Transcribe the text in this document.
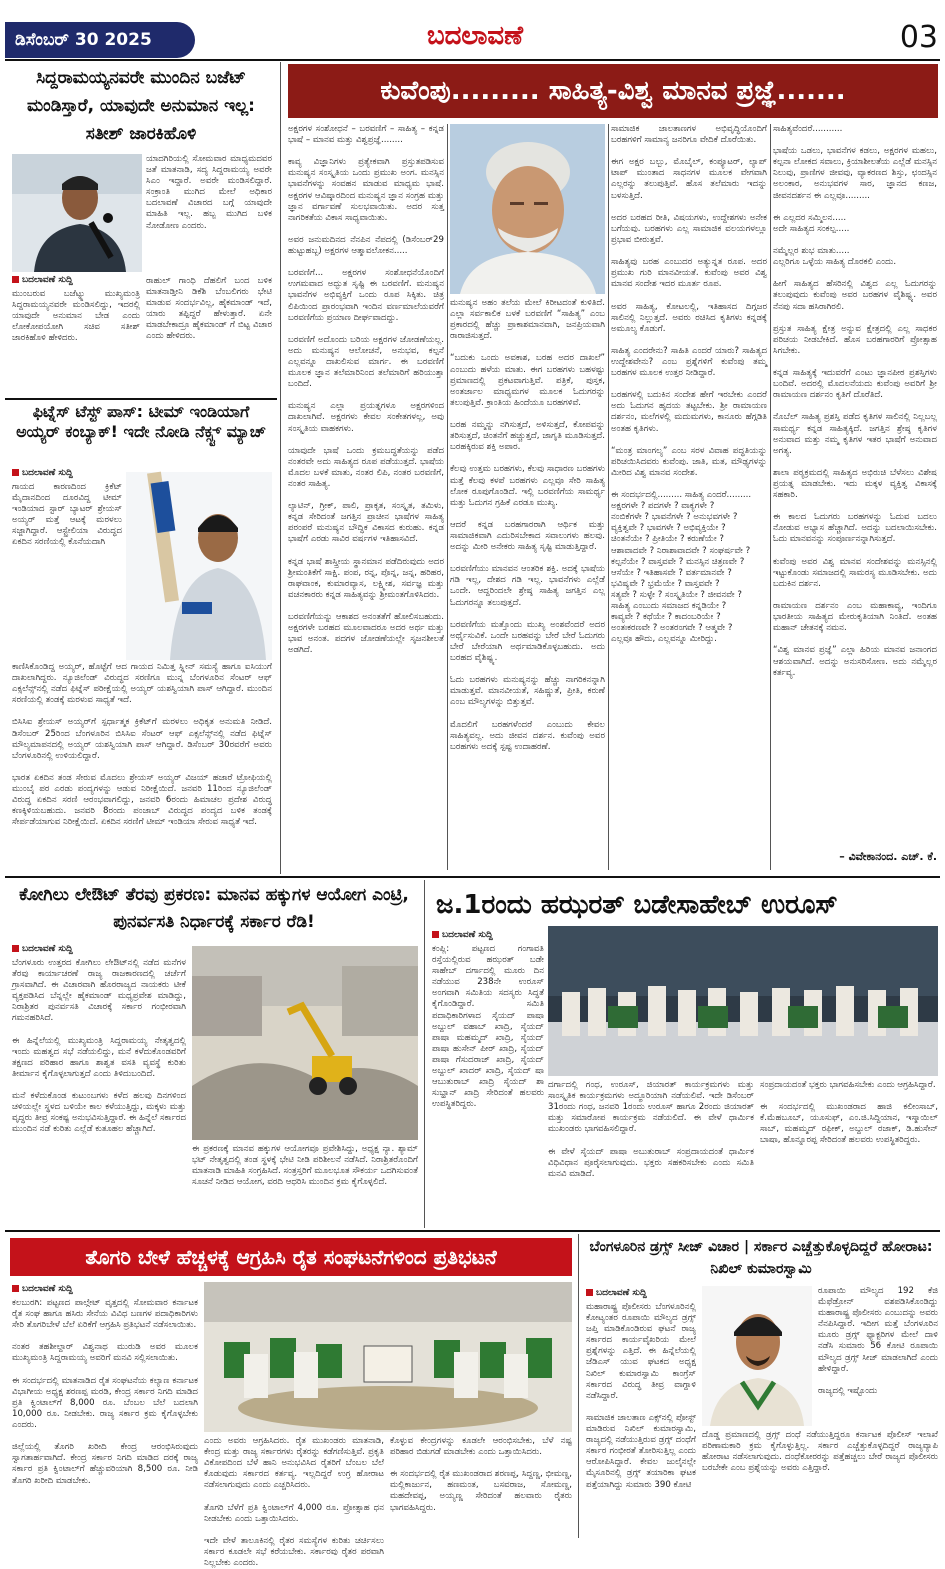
ಡಿಸೆಂಬರ್ 30 2025	ಬದಲಾವಣೆ	03
ಸಿದ್ದರಾಮಯ್ಯನವರೇ ಮುಂದಿನ ಬಜೆಟ್ ಮಂಡಿಸ್ತಾರೆ, ಯಾವುದೇ ಅನುಮಾನ ಇಲ್ಲ: ಸತೀಶ್ ಜಾರಕಿಹೊಳಿ
ಯಾದಗಿರಿಯಲ್ಲಿ ಸೋಮವಾರ ಮಾಧ್ಯಮದವರ ಜತೆ ಮಾತನಾಡಿ, ಸದ್ಯ ಸಿದ್ದರಾಮಯ್ಯ ಅವರೇ ಸಿಎಂ ಇದ್ದಾರೆ. ಅವರೇ ಮಂಡಿಸಲಿದ್ದಾರೆ. ಸಂಕ್ರಾಂತಿ ಮುಗಿದ ಮೇಲೆ ಅಧಿಕಾರ ಬದಲಾವಣೆ ವಿಚಾರದ ಬಗ್ಗೆ ಯಾವುದೇ ಮಾಹಿತಿ ಇಲ್ಲ. ಹಬ್ಬ ಮುಗಿದ ಬಳಿಕ ನೋಡೋಣ ಎಂದರು.
ಬದಲಾವಣೆ ಸುದ್ದಿ
ಮುಂಬರುವ ಬಜೆಟ್ನ್ನು ಮುಖ್ಯಮಂತ್ರಿ ಸಿದ್ದರಾಮಯ್ಯನವರೇ ಮಂಡಿಸಲಿದ್ದು, ಇದರಲ್ಲಿ ಯಾವುದೇ ಅನುಮಾನ ಬೇಡ ಎಂದು ಲೋಕೋಪಯೋಗಿ ಸಚಿವ ಸತೀಶ್ ಜಾರಕಿಹೊಳಿ ಹೇಳಿದರು.
ರಾಹುಲ್ ಗಾಂಧಿ ದೆಹಲಿಗೆ ಬಂದ ಬಳಿಕ ಮಾತನಾಡ್ತೀನಿ ಡಿಕೆಶಿ ಬೆಂಬಲಿಗರು ಭೇಟಿ ಮಾಡುವ ಸಂದರ್ಭವಿಲ್ಲ, ಹೈಕಮಾಂಡ್ ಇದೆ, ಯಾರು ತಪ್ಪಿದ್ದರೆ ಹೇಳುತ್ತಾರೆ. ಏನೇ ಮಾಡಬೇಕಾದ್ರೂ ಹೈಕಮಾಂಡ್ ಗೆ ಬಿಟ್ಟ ವಿಚಾರ ಎಂದು ಹೇಳಿದರು.
ಫಿಟ್ನೆಸ್ ಟೆಸ್ಟ್ ಪಾಸ್: ಟೀಮ್ ಇಂಡಿಯಾಗೆ ಅಯ್ಯರ್ ಕಂಬ್ಯಾಕ್! ಇದೇ ನೋಡಿ ನೆಕ್ಸ್ಟ್ ಮ್ಯಾಚ್
ಬದಲಾವಣೆ ಸುದ್ದಿ
ಗಾಯದ ಕಾರಣದಿಂದ ಕ್ರಿಕೆಟ್ ಮೈದಾನದಿಂದ ದೂರವಿದ್ದ ಟೀಮ್ ಇಂಡಿಯಾದ ಸ್ಟಾರ್ ಬ್ಯಾಟರ್ ಶ್ರೇಯಸ್ ಅಯ್ಯರ್ ಮತ್ತೆ ಆಟಕ್ಕೆ ಮರಳಲು ಸಜ್ಜಾಗಿದ್ದಾರೆ. ಆಸ್ಟ್ರೇಲಿಯಾ ವಿರುದ್ಧದ ಏಕದಿನ ಸರಣಿಯಲ್ಲಿ ಕೊನೆಯದಾಗಿ
ಕಾಣಿಸಿಕೊಂಡಿದ್ದ ಅಯ್ಯರ್, ಹೊಟ್ಟೆಗೆ ಆದ ಗಾಯದ ನಿಮಿತ್ತ ಸ್ಪ್ಲೀನ್ ಸಮಸ್ಯೆ ಹಾಗೂ ಐಸಿಯುಗೆ ದಾಖಲಾಗಿದ್ದರು. ನ್ಯೂಜಿಲೆಂಡ್ ವಿರುದ್ಧದ ಸರಣಿಗೂ ಮುನ್ನ ಬೆಂಗಳೂರಿನ ಸೆಂಟರ್ ಆಫ್ ಎಕ್ಸಲೆನ್ಸ್‌ನಲ್ಲಿ ನಡೆದ ಫಿಟ್ನೆಸ್ ಪರೀಕ್ಷೆಯಲ್ಲಿ ಅಯ್ಯರ್ ಯಶಸ್ವಿಯಾಗಿ ಪಾಸ್ ಆಗಿದ್ದಾರೆ. ಮುಂದಿನ ಸರಣಿಯಲ್ಲಿ ತಂಡಕ್ಕೆ ಮರಳುವ ಸಾಧ್ಯತೆ ಇದೆ.

ಬಿಸಿಸಿಐ ಶ್ರೇಯಸ್ ಅಯ್ಯರ್‌ಗೆ ಸ್ಪರ್ಧಾತ್ಮಕ ಕ್ರಿಕೆಟ್‌ಗೆ ಮರಳಲು ಅಧಿಕೃತ ಅನುಮತಿ ನೀಡಿದೆ. ಡಿಸೆಂಬರ್ 25ರಿಂದ ಬೆಂಗಳೂರಿನ ಬಿಸಿಸಿಐ ಸೆಂಟರ್ ಆಫ್ ಎಕ್ಸಲೆನ್ಸ್‌ನಲ್ಲಿ ನಡೆದ ಫಿಟ್ನೆಸ್ ಮೌಲ್ಯಮಾಪನದಲ್ಲಿ ಅಯ್ಯರ್ ಯಶಸ್ವಿಯಾಗಿ ಪಾಸ್ ಆಗಿದ್ದಾರೆ. ಡಿಸೆಂಬರ್ 30ರವರೆಗೆ ಅವರು ಬೆಂಗಳೂರಿನಲ್ಲಿ ಉಳಿಯಲಿದ್ದಾರೆ.

ಭಾರತ ಏಕದಿನ ತಂಡ ಸೇರುವ ಮೊದಲು ಶ್ರೇಯಸ್ ಅಯ್ಯರ್ ವಿಜಯ್ ಹಜಾರೆ ಟ್ರೋಫಿಯಲ್ಲಿ ಮುಂಬೈ ಪರ ಎರಡು ಪಂದ್ಯಗಳನ್ನು ಆಡುವ ನಿರೀಕ್ಷೆಯಿದೆ. ಜನವರಿ 11ರಿಂದ ನ್ಯೂಜಿಲೆಂಡ್ ವಿರುದ್ಧ ಏಕದಿನ ಸರಣಿ ಆರಂಭವಾಗಲಿದ್ದು, ಜನವರಿ 6ರಂದು ಹಿಮಾಚಲ ಪ್ರದೇಶ ವಿರುದ್ಧ ಕಣಕ್ಕಿಳಿಯಬಹುದು. ಜನವರಿ 8ರಂದು ಪಂಜಾಬ್ ವಿರುದ್ಧದ ಪಂದ್ಯದ ಬಳಿಕ ತಂಡಕ್ಕೆ ಸೇರ್ಪಡೆಯಾಗುವ ನಿರೀಕ್ಷೆಯಿದೆ. ಏಕದಿನ ಸರಣಿಗೆ ಟೀಮ್ ಇಂಡಿಯಾ ಸೇರುವ ಸಾಧ್ಯತೆ ಇದೆ.
ಕುವೆಂಪು......... ಸಾಹಿತ್ಯ-ವಿಶ್ವ ಮಾನವ ಪ್ರಜ್ಞೆ.......
ಅಕ್ಷರಗಳ ಸಂಶೋಧನೆ – ಬರವಣಿಗೆ – ಸಾಹಿತ್ಯ – ಕನ್ನಡ ಭಾಷೆ – ಮಾನವ ಮತ್ತು ವಿಶ್ವಪ್ರಜ್ಞೆ........

ಕಾವ್ಯ ವಿಜ್ಞಾನಿಗಳು ಪ್ರತ್ಯೇಕವಾಗಿ ಪ್ರಸ್ತುತಪಡಿಸುವ ಮನುಷ್ಯನ ಸಂಸ್ಕೃತಿಯ ಒಂದು ಪ್ರಮುಖ ಅಂಗ. ಮನಸ್ಸಿನ ಭಾವನೆಗಳನ್ನು ಸಂವಹನ ಮಾಡುವ ಮಾಧ್ಯಮ ಭಾಷೆ. ಅಕ್ಷರಗಳ ಆವಿಷ್ಕಾರದಿಂದ ಮನುಷ್ಯನ ಜ್ಞಾನ ಸಂಗ್ರಹ ಮತ್ತು ಜ್ಞಾನ ವರ್ಗಾವಣೆ ಸುಲಭವಾಯಿತು. ಅದರ ಸುತ್ತ ನಾಗರಿಕತೆಯ ವಿಕಾಸ ಸಾಧ್ಯವಾಯಿತು.

ಅವರ ಜನುಮದಿನದ ನೆನಪಿನ ನೆಪದಲ್ಲಿ (ಡಿಸೆಂಬರ್29 ಹುಟ್ಟುಹಬ್ಬ) ಅಕ್ಷರಗಳ ಆತ್ಮಾವಲೋಕನ.....

ಬರವಣಿಗೆ... ಅಕ್ಷರಗಳ ಸಂಶೋಧನೆಯೊಂದಿಗೆ ಉಗಮವಾದ ಅದ್ಭುತ ಸೃಷ್ಟಿ ಈ ಬರವಣಿಗೆ. ಮನುಷ್ಯನ ಭಾವನೆಗಳ ಅಭಿವ್ಯಕ್ತಿಗೆ ಒಂದು ರೂಪ ಸಿಕ್ಕಿತು. ಚಿತ್ರ ಲಿಪಿಯಿಂದ ಪ್ರಾರಂಭವಾಗಿ ಇಂದಿನ ವರ್ಣಮಾಲೆಯವರೆಗೆ ಬರವಣಿಗೆಯ ಪ್ರಯಾಣ ದೀರ್ಘವಾದದ್ದು.

ಬರವಣಿಗೆ ಅದೊಂದು ಬರಿಯ ಅಕ್ಷರಗಳ ಜೋಡಣೆಯಲ್ಲ. ಅದು ಮನುಷ್ಯನ ಆಲೋಚನೆ, ಅನುಭವ, ಕಲ್ಪನೆ ಎಲ್ಲವನ್ನೂ ದಾಖಲಿಸುವ ಮಾರ್ಗ. ಈ ಬರವಣಿಗೆ ಮೂಲಕ ಜ್ಞಾನ ತಲೆಮಾರಿನಿಂದ ತಲೆಮಾರಿಗೆ ಹರಿಯುತ್ತಾ ಬಂದಿದೆ.

ಮನುಷ್ಯನ ಎಲ್ಲಾ ಪ್ರಯತ್ನಗಳೂ ಅಕ್ಷರಗಳಿಂದ ದಾಖಲಾಗಿವೆ. ಅಕ್ಷರಗಳು ಕೇವಲ ಸಂಕೇತಗಳಲ್ಲ, ಅವು ಸಂಸ್ಕೃತಿಯ ವಾಹಕಗಳು.

ಯಾವುದೇ ಭಾಷೆ ಒಂದು ಕ್ರಮಬದ್ಧತೆಯನ್ನು ಪಡೆದ ನಂತರವೇ ಅದು ಸಾಹಿತ್ಯದ ರೂಪ ಪಡೆಯುತ್ತದೆ. ಭಾಷೆಯ ಮೊದಲ ಬಳಕೆ ಮಾತು, ನಂತರ ಲಿಪಿ, ನಂತರ ಬರವಣಿಗೆ, ನಂತರ ಸಾಹಿತ್ಯ.

ಲ್ಯಾಟಿನ್, ಗ್ರೀಕ್, ಪಾಲಿ, ಪ್ರಾಕೃತ, ಸಂಸ್ಕೃತ, ತಮಿಳು, ಕನ್ನಡ ಸೇರಿದಂತೆ ಜಗತ್ತಿನ ಪ್ರಾಚೀನ ಭಾಷೆಗಳ ಸಾಹಿತ್ಯ ಪರಂಪರೆ ಮನುಷ್ಯನ ಬೌದ್ಧಿಕ ವಿಕಾಸದ ಕುರುಹು. ಕನ್ನಡ ಭಾಷೆಗೆ ಎರಡು ಸಾವಿರ ವರ್ಷಗಳ ಇತಿಹಾಸವಿದೆ.

ಕನ್ನಡ ಭಾಷೆ ಶಾಸ್ತ್ರೀಯ ಸ್ಥಾನಮಾನ ಪಡೆದಿರುವುದು ಅದರ ಶ್ರೀಮಂತಿಕೆಗೆ ಸಾಕ್ಷಿ. ಪಂಪ, ರನ್ನ, ಪೊನ್ನ, ಜನ್ನ, ಹರಿಹರ, ರಾಘವಾಂಕ, ಕುಮಾರವ್ಯಾಸ, ಲಕ್ಷ್ಮೀಶ, ಸರ್ವಜ್ಞ ಮತ್ತು ವಚನಕಾರರು ಕನ್ನಡ ಸಾಹಿತ್ಯವನ್ನು ಶ್ರೀಮಂತಗೊಳಿಸಿದರು.

ಬರವಣಿಗೆಯನ್ನು ಆಕಾಶದ ಅನಂತತೆಗೆ ಹೋಲಿಸಬಹುದು. ಅಕ್ಷರಗಳೇ ಬರಹದ ಮೂಲವಾದರೂ ಅದರ ಅರ್ಥ ಮತ್ತು ಭಾವ ಅನಂತ. ಪದಗಳ ಜೋಡಣೆಯಲ್ಲೇ ಸೃಜನಶೀಲತೆ ಅಡಗಿದೆ.
ಮನುಷ್ಯನ ಅಹಂ ತಲೆಯ ಮೇಲೆ ಕಿರೀಟದಂತೆ ಕುಳಿತಿದೆ. ಎಲ್ಲಾ ಸರ್ವಕಾಲಿಕ ಬಳಕೆ ಬರವಣಿಗೆ “ಸಾಹಿತ್ಯ” ಎಂಬ ಪ್ರಕಾರದಲ್ಲಿ ಹೆಚ್ಚು ಪ್ರಾಕಾಶಮಾನವಾಗಿ, ಜನಪ್ರಿಯವಾಗಿ ರಾರಾಜಿಸುತ್ತದೆ.

“ಬದುಕು ಒಂದು ಅವಕಾಶ, ಬರಹ ಅದರ ದಾಖಲೆ” ಎಂಬುದು ಹಳೆಯ ಮಾತು. ಈಗ ಬರಹಗಳು ಬಹಳಷ್ಟು ಪ್ರಮಾಣದಲ್ಲಿ ಪ್ರಕಟವಾಗುತ್ತಿವೆ. ಪತ್ರಿಕೆ, ಪುಸ್ತಕ, ಅಂತರ್ಜಾಲ ಮಾಧ್ಯಮಗಳ ಮೂಲಕ ಓದುಗರನ್ನು ತಲುಪುತ್ತಿವೆ. ಕ್ರಾಂತಿಯ ಹಿಂದೆಯೂ ಬರಹಗಳಿವೆ.

ಬರಹ ನಮ್ಮನ್ನು ನಗಿಸುತ್ತದೆ, ಅಳಿಸುತ್ತದೆ, ಕೋಪವನ್ನು ತರಿಸುತ್ತದೆ, ಚಿಂತನೆಗೆ ಹಚ್ಚುತ್ತದೆ, ಜಾಗೃತಿ ಮೂಡಿಸುತ್ತದೆ. ಬರಹಕ್ಕಿರುವ ಶಕ್ತಿ ಅಪಾರ.

ಕೆಲವು ಉತ್ತಮ ಬರಹಗಳು, ಕೆಲವು ಸಾಧಾರಣ ಬರಹಗಳು ಮತ್ತೆ ಕೆಲವು ಕಳಪೆ ಬರಹಗಳು ಎಲ್ಲವೂ ಸೇರಿ ಸಾಹಿತ್ಯ ಲೋಕ ರೂಪುಗೊಂಡಿದೆ. ಇಲ್ಲಿ ಬರವಣಿಗೆಯ ಸಾಮರ್ಥ್ಯ ಮತ್ತು ಓದುಗನ ಗ್ರಹಿಕೆ ಎರಡೂ ಮುಖ್ಯ.

ಆದರೆ ಕನ್ನಡ ಬರಹಗಾರರಾಗಿ ಆರ್ಥಿಕ ಮತ್ತು ಸಾಮಾಜಿಕವಾಗಿ ಎದುರಿಸಬೇಕಾದ ಸವಾಲುಗಳು ಹಲವು. ಅದನ್ನು ಮೀರಿ ಅನೇಕರು ಸಾಹಿತ್ಯ ಸೃಷ್ಟಿ ಮಾಡುತ್ತಿದ್ದಾರೆ.

ಬರವಣಿಗೆಯು ಮಾನವನ ಆಂತರಿಕ ಶಕ್ತಿ. ಅದಕ್ಕೆ ಭಾಷೆಯ ಗಡಿ ಇಲ್ಲ, ದೇಶದ ಗಡಿ ಇಲ್ಲ. ಭಾವನೆಗಳು ಎಲ್ಲೆಡೆ ಒಂದೇ. ಆದ್ದರಿಂದಲೇ ಶ್ರೇಷ್ಠ ಸಾಹಿತ್ಯ ಜಗತ್ತಿನ ಎಲ್ಲ ಓದುಗರನ್ನೂ ತಲುಪುತ್ತದೆ.

ಬರವಣಿಗೆಯ ಮತ್ತೊಂದು ಮುಖ್ಯ ಅಂಶವೆಂದರೆ ಅದರ ಅರ್ಥೈಸುವಿಕೆ. ಒಂದೇ ಬರಹವನ್ನು ಬೇರೆ ಬೇರೆ ಓದುಗರು ಬೇರೆ ಬೇರೆಯಾಗಿ ಅರ್ಥಮಾಡಿಕೊಳ್ಳಬಹುದು. ಅದು ಬರಹದ ವೈಶಿಷ್ಟ್ಯ.

ಓದು ಬರಹಗಳು ಮನುಷ್ಯನನ್ನು ಹೆಚ್ಚು ನಾಗರಿಕನನ್ನಾಗಿ ಮಾಡುತ್ತವೆ. ಮಾನವೀಯತೆ, ಸಹಿಷ್ಣುತೆ, ಪ್ರೀತಿ, ಕರುಣೆ ಎಂಬ ಮೌಲ್ಯಗಳನ್ನು ಬಿತ್ತುತ್ತವೆ.

ಮೊದಲಿಗೆ ಬರಹಗಳೆಂದರೆ ಎಂಬುದು ಕೇವಲ ಸಾಹಿತ್ಯವಲ್ಲ. ಅದು ಜೀವನ ದರ್ಶನ. ಕುವೆಂಪು ಅವರ ಬರಹಗಳು ಅದಕ್ಕೆ ಸ್ಪಷ್ಟ ಉದಾಹರಣೆ.
ಸಾಮಾಜಿಕ ಜಾಲತಾಣಗಳ ಅಭಿವೃದ್ಧಿಯೊಂದಿಗೆ ಬರಹಗಳಿಗೆ ಸಾಮಾನ್ಯ ಜನರಿಗೂ ವೇದಿಕೆ ದೊರೆಯಿತು.

ಈಗ ಅಕ್ಷರ ಬಲ್ಬು, ಮೊಬೈಲ್, ಕಂಪ್ಯೂಟರ್, ಲ್ಯಾಪ್ ಟಾಪ್ ಮುಂತಾದ ಸಾಧನಗಳ ಮೂಲಕ ವೇಗವಾಗಿ ಎಲ್ಲರನ್ನು ತಲುಪುತ್ತಿವೆ. ಹೊಸ ತಲೆಮಾರು ಇದನ್ನು ಬಳಸುತ್ತಿದೆ.

ಅದರ ಬರಹದ ರೀತಿ, ವಿಷಯಗಳು, ಉದ್ದೇಶಗಳು ಅನೇಕ ಬಗೆಯವು. ಬರಹಗಳು ಎಲ್ಲ ಸಾಮಾಜಿಕ ವಲಯಗಳಲ್ಲೂ ಪ್ರಭಾವ ಬೀರುತ್ತವೆ.

ಸಾಹಿತ್ಯವು ಬರಹ ಎಂಬುದರ ಅತ್ಯುನ್ನತ ರೂಪ. ಅದರ ಪ್ರಮುಖ ಗುರಿ ಮಾನವೀಯತೆ. ಕುವೆಂಪು ಅವರ ವಿಶ್ವ ಮಾನವ ಸಂದೇಶ ಇದರ ಮೂರ್ತ ರೂಪ.

ಅವರ ಸಾಹಿತ್ಯ, ಕೋಟಲಲ್ಲಿ, ಇತಿಹಾಸದ ದಿಗ್ಗಜರ ಸಾಲಿನಲ್ಲಿ ನಿಲ್ಲುತ್ತದೆ. ಅವರು ರಚಿಸಿದ ಕೃತಿಗಳು ಕನ್ನಡಕ್ಕೆ ಅಮೂಲ್ಯ ಕೊಡುಗೆ.

ಸಾಹಿತ್ಯ ಎಂದರೇನು? ಸಾಹಿತಿ ಎಂದರೆ ಯಾರು? ಸಾಹಿತ್ಯದ ಉದ್ದೇಶವೇನು? ಎಂಬ ಪ್ರಶ್ನೆಗಳಿಗೆ ಕುವೆಂಪು ತಮ್ಮ ಬರಹಗಳ ಮೂಲಕ ಉತ್ತರ ನೀಡಿದ್ದಾರೆ.

ಬರಹಗಳಲ್ಲಿ ಬದುಕಿನ ಸಂದೇಶ ಹೇಗೆ ಇರಬೇಕು ಎಂದರೆ ಅದು ಓದುಗನ ಹೃದಯ ತಟ್ಟಬೇಕು. ಶ್ರೀ ರಾಮಾಯಣ ದರ್ಶನಂ, ಮಲೆಗಳಲ್ಲಿ ಮದುಮಗಳು, ಕಾನೂರು ಹೆಗ್ಗಡಿತಿ ಅಂತಹ ಕೃತಿಗಳು.

“ಮಂತ್ರ ಮಾಂಗಲ್ಯ” ಎಂಬ ಸರಳ ವಿವಾಹ ಪದ್ಧತಿಯನ್ನು ಪರಿಚಯಿಸಿದವರು ಕುವೆಂಪು. ಜಾತಿ, ಮತ, ಮೌಢ್ಯಗಳನ್ನು ಮೀರಿದ ವಿಶ್ವ ಮಾನವ ಸಂದೇಶ.

ಈ ಸಂದರ್ಭದಲ್ಲಿ......... ಸಾಹಿತ್ಯ ಎಂದರೆ.........
ಅಕ್ಷರಗಳೇ ? ಪದಗಳೇ ? ವಾಕ್ಯಗಳೇ ?
ನಂಬಿಕೆಗಳೇ ? ಭಾವನೆಗಳೇ ? ಅನುಭವಗಳೇ ?
ವ್ಯಕ್ತಿತ್ವವೇ ? ಭಾವಗಳೇ ? ಅಭಿವ್ಯಕ್ತಿಯೇ ?
ಚಿಂತನೆಯೇ ? ಪ್ರೀತಿಯೇ ? ಕರುಣೆಯೇ ?
ಆಶಾವಾದವೇ ? ನಿರಾಶಾವಾದವೇ ? ಸಂಘರ್ಷವೇ ?
ಕಲ್ಪನೆಯೇ ? ವಾಸ್ತವವೇ ? ಮನಸ್ಸಿನ ಚಿತ್ರಣವೇ ?
ಆಸೆಯೇ ? ಇತಿಹಾಸವೇ ? ವರ್ತಮಾನವೇ ?
ಭವಿಷ್ಯವೇ ? ಭ್ರಮೆಯೇ ? ವಾಸ್ತವವೇ ?
ಸತ್ಯವೇ ? ಸುಳ್ಳೇ ? ಸಂಸ್ಕೃತಿಯೇ ? ಜೀವನವೇ ?
ಸಾಹಿತ್ಯ ಎಂಬುದು ಸಮಾಜದ ಕನ್ನಡಿಯೇ ?
ಕಾವ್ಯವೇ ? ಕಥೆಯೇ ? ಕಾದಂಬರಿಯೇ ?
ಅಂತಃಕರಣವೇ ? ಅಂತರಂಗವೇ ? ಆತ್ಮವೇ ?
ಎಲ್ಲವೂ ಹೌದು, ಎಲ್ಲವನ್ನೂ ಮೀರಿದ್ದು.
ಸಾಹಿತ್ಯವೆಂದರೆ...........

ಭಾಷೆಯ ಒಡಲು, ಭಾವನೆಗಳ ಕಡಲು, ಅಕ್ಷರಗಳ ಮಹಲು, ಕಲ್ಪನಾ ಲೋಕದ ಸವಾಲು, ಕ್ರಿಯಾಶೀಲತೆಯ ಎಲ್ಲೆಡೆ ಮನಸ್ಸಿನ ನಿಲುವು, ಪ್ರಾಣಿಗಳ ಜೀವವು, ವ್ಯಾಕರಣದ ಶಿಸ್ತು, ಛಂದಸ್ಸಿನ ಅಲಂಕಾರ, ಅನುಭವಗಳ ಸಾರ, ಜ್ಞಾನದ ಕಣಜ, ಜೀವನದರ್ಶನ ಈ ಎಲ್ಲವೂ.........

ಈ ಎಲ್ಲದರ ಸಮ್ಮಿಲನ.....
ಅದೇ ಸಾಹಿತ್ಯದ ಸಂಕಲ್ಪ.....

ನಮ್ಮೆಲ್ಲರ ಶುಭ ಮಾತು.....
ಎಲ್ಲರಿಗೂ ಒಳ್ಳೆಯ ಸಾಹಿತ್ಯ ದೊರಕಲಿ ಎಂದು.

ಹೀಗೆ ಸಾಹಿತ್ಯದ ಹೆಸರಿನಲ್ಲಿ ವಿಶ್ವದ ಎಲ್ಲ ಓದುಗರನ್ನು ತಲುಪುವುದು ಕುವೆಂಪು ಅವರ ಬರಹಗಳ ವೈಶಿಷ್ಟ್ಯ. ಅವರ ನೆನಪು ಸದಾ ಹಸಿರಾಗಿರಲಿ.

ಪ್ರಸ್ತುತ ಸಾಹಿತ್ಯ ಕ್ಷೇತ್ರ ಅನ್ನುವ ಕ್ಷೇತ್ರದಲ್ಲಿ ಎಲ್ಲ ಸಾಧಕರ ಪರಿಚಯ ನೀಡಬೇಕಿದೆ. ಹೊಸ ಬರಹಗಾರರಿಗೆ ಪ್ರೋತ್ಸಾಹ ಸಿಗಬೇಕು.

ಕನ್ನಡ ಸಾಹಿತ್ಯಕ್ಕೆ ಇದುವರೆಗೆ ಎಂಟು ಜ್ಞಾನಪೀಠ ಪ್ರಶಸ್ತಿಗಳು ಬಂದಿವೆ. ಅದರಲ್ಲಿ ಮೊದಲನೆಯದು ಕುವೆಂಪು ಅವರಿಗೆ ಶ್ರೀ ರಾಮಾಯಣ ದರ್ಶನಂ ಕೃತಿಗೆ ದೊರೆತಿದೆ.

ನೊಬೆಲ್ ಸಾಹಿತ್ಯ ಪ್ರಶಸ್ತಿ ಪಡೆದ ಕೃತಿಗಳ ಸಾಲಿನಲ್ಲಿ ನಿಲ್ಲಬಲ್ಲ ಸಾಮರ್ಥ್ಯ ಕನ್ನಡ ಸಾಹಿತ್ಯಕ್ಕಿದೆ. ಜಗತ್ತಿನ ಶ್ರೇಷ್ಠ ಕೃತಿಗಳ ಅನುವಾದ ಮತ್ತು ನಮ್ಮ ಕೃತಿಗಳ ಇತರ ಭಾಷೆಗೆ ಅನುವಾದ ಅಗತ್ಯ.

ಶಾಲಾ ಪಠ್ಯಕ್ರಮದಲ್ಲಿ ಸಾಹಿತ್ಯದ ಅಭಿರುಚಿ ಬೆಳೆಸಲು ವಿಶೇಷ ಪ್ರಯತ್ನ ಮಾಡಬೇಕು. ಇದು ಮಕ್ಕಳ ವ್ಯಕ್ತಿತ್ವ ವಿಕಾಸಕ್ಕೆ ಸಹಕಾರಿ.

ಈ ಕಾಲದ ಓದುಗರು ಬರಹಗಳನ್ನು ಓದುವ ಬದಲು ನೋಡುವ ಅಭ್ಯಾಸ ಹೆಚ್ಚಾಗಿದೆ. ಅದನ್ನು ಬದಲಾಯಿಸಬೇಕು. ಓದು ಮಾನವನನ್ನು ಸಂಪೂರ್ಣನನ್ನಾಗಿಸುತ್ತದೆ.

ಕುವೆಂಪು ಅವರ ವಿಶ್ವ ಮಾನವ ಸಂದೇಶವನ್ನು ಮನಸ್ಸಿನಲ್ಲಿ ಇಟ್ಟುಕೊಂಡು ಸಮಾಜದಲ್ಲಿ ಸಾಮರಸ್ಯ ಮೂಡಿಸಬೇಕು. ಅದು ಬದುಕಿನ ದರ್ಶನ.

ರಾಮಾಯಣ ದರ್ಶನಂ ಎಂಬ ಮಹಾಕಾವ್ಯ, ಇಂದಿಗೂ ಭಾರತೀಯ ಸಾಹಿತ್ಯದ ಮೇರುಕೃತಿಯಾಗಿ ನಿಂತಿದೆ. ಅಂತಹ ಮಹಾನ್ ಚೇತನಕ್ಕೆ ನಮನ.

“ವಿಶ್ವ ಮಾನವ ಪ್ರಜ್ಞೆ” ಎಲ್ಲಾ ಹಿರಿಯ ಮಾನವ ಜನಾಂಗದ ಆಶಯವಾಗಿದೆ. ಅದನ್ನು ಅನುಸರಿಸೋಣ. ಅದು ನಮ್ಮೆಲ್ಲರ ಕರ್ತವ್ಯ.
– ವಿವೇಕಾನಂದ. ಎಚ್. ಕೆ.
ಕೋಗಿಲು ಲೇಔಟ್ ತೆರವು ಪ್ರಕರಣ: ಮಾನವ ಹಕ್ಕುಗಳ ಆಯೋಗ ಎಂಟ್ರಿ, ಪುನರ್ವಸತಿ ನಿರ್ಧಾರಕ್ಕೆ ಸರ್ಕಾರ ರೆಡಿ!
ಬದಲಾವಣೆ ಸುದ್ದಿ
ಬೆಂಗಳೂರು ಉತ್ತರದ ಕೋಗಿಲು ಲೇಔಟ್‌ನಲ್ಲಿ ನಡೆದ ಮನೆಗಳ ತೆರವು ಕಾರ್ಯಾಚರಣೆ ರಾಜ್ಯ ರಾಜಕಾರಣದಲ್ಲಿ ಚರ್ಚೆಗೆ ಗ್ರಾಸವಾಗಿದೆ. ಈ ವಿಚಾರವಾಗಿ ಹೊರರಾಜ್ಯದ ನಾಯಕರು ಟೀಕೆ ವ್ಯಕ್ತಪಡಿಸಿದ ಬೆನ್ನಲ್ಲೇ ಹೈಕಮಾಂಡ್ ಮಧ್ಯಪ್ರವೇಶ ಮಾಡಿದ್ದು, ನಿರಾಶ್ರಿತರ ಪುನರ್ವಸತಿ ವಿಚಾರಕ್ಕೆ ಸರ್ಕಾರ ಗಂಭೀರವಾಗಿ ಗಮನಹರಿಸಿದೆ.

ಈ ಹಿನ್ನೆಲೆಯಲ್ಲಿ ಮುಖ್ಯಮಂತ್ರಿ ಸಿದ್ದರಾಮಯ್ಯ ನೇತೃತ್ವದಲ್ಲಿ ಇಂದು ಮಹತ್ವದ ಸಭೆ ನಡೆಯಲಿದ್ದು, ಮನೆ ಕಳೆದುಕೊಂಡವರಿಗೆ ತಕ್ಷಣದ ಪರಿಹಾರ ಹಾಗೂ ಶಾಶ್ವತ ವಸತಿ ವ್ಯವಸ್ಥೆ ಕುರಿತು ತೀರ್ಮಾನ ಕೈಗೊಳ್ಳಲಾಗುತ್ತದೆ ಎಂದು ತಿಳಿದುಬಂದಿದೆ.

ಮನೆ ಕಳೆದುಕೊಂಡ ಕುಟುಂಬಗಳು ಕಳೆದ ಹಲವು ದಿನಗಳಿಂದ ಚಳಿಯಲ್ಲೇ ಸ್ಥಳದ ಬಳಿಯೇ ಕಾಲ ಕಳೆಯುತ್ತಿದ್ದು, ಮಕ್ಕಳು ಮತ್ತು ವೃದ್ಧರು ತೀವ್ರ ಸಂಕಷ್ಟ ಅನುಭವಿಸುತ್ತಿದ್ದಾರೆ. ಈ ಹಿನ್ನೆಲೆ ಸರ್ಕಾರದ ಮುಂದಿನ ನಡೆ ಕುರಿತು ಎಲ್ಲೆಡೆ ಕುತೂಹಲ ಹೆಚ್ಚಾಗಿದೆ.
ಈ ಪ್ರಕರಣಕ್ಕೆ ಮಾನವ ಹಕ್ಕುಗಳ ಆಯೋಗವೂ ಪ್ರವೇಶಿಸಿದ್ದು, ಅಧ್ಯಕ್ಷ ನ್ಯಾ. ಶ್ಯಾಮ್ ಭಟ್ ನೇತೃತ್ವದಲ್ಲಿ ತಂಡ ಸ್ಥಳಕ್ಕೆ ಭೇಟಿ ನೀಡಿ ಪರಿಶೀಲನೆ ನಡೆಸಿದೆ. ನಿರಾಶ್ರಿತರೊಂದಿಗೆ ಮಾತನಾಡಿ ಮಾಹಿತಿ ಸಂಗ್ರಹಿಸಿದೆ. ಸಂತ್ರಸ್ತರಿಗೆ ಮೂಲಭೂತ ಸೌಕರ್ಯ ಒದಗಿಸುವಂತೆ ಸೂಚನೆ ನೀಡಿದ ಆಯೋಗ, ವರದಿ ಆಧರಿಸಿ ಮುಂದಿನ ಕ್ರಮ ಕೈಗೊಳ್ಳಲಿದೆ.
ಜ.1ರಂದು ಹಝರತ್ ಬಡೇಸಾಹೇಬ್ ಉರೂಸ್
ಬದಲಾವಣೆ ಸುದ್ದಿ
ಕಂಪ್ಲಿ: ಪಟ್ಟಣದ ಗಂಗಾವತಿ ರಸ್ತೆಯಲ್ಲಿರುವ ಹಝರತ್ ಬಡೇ ಸಾಹೇಬ್ ದರ್ಗಾದಲ್ಲಿ ಮೂರು ದಿನ ನಡೆಯುವ 238ನೇ ಉರೂಸ್ ಅಂಗವಾಗಿ ಸಮಿತಿಯ ಸದಸ್ಯರು ಸಿದ್ಧತೆ ಕೈಗೊಂಡಿದ್ದಾರೆ. ಸಮಿತಿ ಪದಾಧಿಕಾರಿಗಳಾದ ಸೈಯದ್ ಪಾಷಾ ಅಬ್ದುಲ್ ವಹಾಬ್ ಖಾದ್ರಿ, ಸೈಯದ್ ಪಾಷಾ ಮಹಮ್ಮದ್ ಖಾದ್ರಿ, ಸೈಯದ್ ಪಾಷಾ ಹುಸೇನ್ ಪೀರ್ ಖಾದ್ರಿ, ಸೈಯದ್ ಪಾಷಾ ಗೆಸುದರಾಜ್ ಖಾದ್ರಿ, ಸೈಯದ್ ಅಬ್ದುಲ್ ಖಾದರ್ ಖಾದ್ರಿ, ಸೈಯದ್ ಷಾ ಆಬುತುರಾಬ್ ಖಾದ್ರಿ ಸೈಯದ್ ಶಾ ಸುಬ್ಹಾನ್ ಖಾದ್ರಿ ಸೇರಿದಂತೆ ಹಲವರು ಉಪಸ್ಥಿತರಿದ್ದರು.
ದರ್ಗಾದಲ್ಲಿ ಗಂಧ, ಉರೂಸ್, ಜಿಯಾರತ್ ಕಾರ್ಯಕ್ರಮಗಳು ಮತ್ತು ಸಾಂಸ್ಕೃತಿಕ ಕಾರ್ಯಕ್ರಮಗಳು ಅದ್ಧೂರಿಯಾಗಿ ನಡೆಯಲಿವೆ. ಇದೇ ಡಿಸೆಂಬರ್ 31ರಂದು ಗಂಧ, ಜನವರಿ 1ರಂದು ಉರೂಸ್ ಹಾಗೂ 2ರಂದು ಜಿಯಾರತ್ ಮತ್ತು ಸಮಾರೋಪ ಕಾರ್ಯಕ್ರಮ ನಡೆಯಲಿದೆ. ಈ ವೇಳೆ ಧಾರ್ಮಿಕ ಮುಖಂಡರು ಭಾಗವಹಿಸಲಿದ್ದಾರೆ.

ಈ ವೇಳೆ ಸೈಯದ್ ಪಾಷಾ ಅಬುತುರಾಬ್ ಸಂಪ್ರದಾಯದಂತೆ ಧಾರ್ಮಿಕ ವಿಧಿವಿಧಾನ ಪೂರೈಸಲಾಗುವುದು. ಭಕ್ತರು ಸಹಕರಿಸಬೇಕು ಎಂದು ಸಮಿತಿ ಮನವಿ ಮಾಡಿದೆ.
ಸಂಪ್ರದಾಯದಂತೆ ಭಕ್ತರು ಭಾಗವಹಿಸಬೇಕು ಎಂದು ಆಗ್ರಹಿಸಿದ್ದಾರೆ.

ಈ ಸಂದರ್ಭದಲ್ಲಿ ಮುಖಂಡರಾದ ಹಾಜಿ ಕಲೀಂಸಾಬ್, ಕೆ.ಮೆಹಬೂಬ್, ಯೂಸುಫ್, ಎಂ.ಜಿ.ಸಿದ್ದಿಯಾನ, ಇಸ್ಮಾಯಿಲ್ ಸಾಬ್, ಮಹಮ್ಮದ್ ರಫೀಕ್, ಅಬ್ದುಲ್ ರಜಾಕ್, ಡಿ.ಹುಸೇನ್ ಬಾಷಾ, ಹೊನ್ನೂರಪ್ಪ ಸೇರಿದಂತೆ ಹಲವರು ಉಪಸ್ಥಿತರಿದ್ದರು.
ತೊಗರಿ ಬೇಳೆ ಹೆಚ್ಚಳಕ್ಕೆ ಆಗ್ರಹಿಸಿ ರೈತ ಸಂಘಟನೆಗಳಿಂದ ಪ್ರತಿಭಟನೆ
ಬದಲಾವಣೆ ಸುದ್ದಿ
ಕಲಬುರಗಿ: ಪಟ್ಟಣದ ಪಾಲ್ಗೇಟ್ ವೃತ್ತದಲ್ಲಿ ಸೋಮವಾರ ಕರ್ನಾಟಕ ರೈತ ಸಂಘ ಹಾಗೂ ಹಸಿರು ಸೇನೆಯ ವಿವಿಧ ಬಣಗಳ ಪದಾಧಿಕಾರಿಗಳು ಸೇರಿ ತೊಗರಿಬೇಳೆ ಬೆಲೆ ಏರಿಕೆಗೆ ಆಗ್ರಹಿಸಿ ಪ್ರತಿಭಟನೆ ನಡೆಸಲಾಯಿತು.

ನಂತರ ತಹಶೀಲ್ದಾರ್ ವಿಶ್ವನಾಥ ಮುರುಡಿ ಅವರ ಮೂಲಕ ಮುಖ್ಯಮಂತ್ರಿ ಸಿದ್ದರಾಮಯ್ಯ ಅವರಿಗೆ ಮನವಿ ಸಲ್ಲಿಸಲಾಯಿತು.

ಈ ಸಂದರ್ಭದಲ್ಲಿ ಮಾತನಾಡಿದ ರೈತ ಸಂಘಟನೆಯ ಕಲ್ಯಾಣ ಕರ್ನಾಟಕ ವಿಭಾಗೀಯ ಅಧ್ಯಕ್ಷ ಶರಣಪ್ಪ ಮರಡಿ, ಕೇಂದ್ರ ಸರ್ಕಾರ ನಿಗದಿ ಮಾಡಿದ ಪ್ರತಿ ಕ್ವಿಂಟಾಲ್‌ಗೆ 8,000 ರೂ. ಬೆಂಬಲ ಬೆಲೆ ಬದಲಾಗಿ 10,000 ರೂ. ನೀಡಬೇಕು. ರಾಜ್ಯ ಸರ್ಕಾರ ಕ್ರಮ ಕೈಗೊಳ್ಳಬೇಕು ಎಂದರು.

ಜಿಲ್ಲೆಯಲ್ಲಿ ತೊಗರಿ ಖರೀದಿ ಕೇಂದ್ರ ಆರಂಭಿಸಿರುವುದು ಸ್ವಾಗತಾರ್ಹವಾಗಿದೆ. ಕೇಂದ್ರ ಸರ್ಕಾರ ನಿಗದಿ ಮಾಡಿದ ದರಕ್ಕೆ ರಾಜ್ಯ ಸರ್ಕಾರ ಪ್ರತಿ ಕ್ವಿಂಟಾಲ್‌ಗೆ ಹೆಚ್ಚುವರಿಯಾಗಿ 8,500 ರೂ. ನೀಡಿ ತೊಗರಿ ಖರೀದಿ ಮಾಡಬೇಕು.
ಎಂದು ಅವರು ಆಗ್ರಹಿಸಿದರು. ರೈತ ಮುಖಂಡರು ಮಾತನಾಡಿ, ಕೇಂದ್ರ ಮತ್ತು ರಾಜ್ಯ ಸರ್ಕಾರಗಳು ರೈತರನ್ನು ಕಡೆಗಣಿಸುತ್ತಿವೆ. ಪ್ರಕೃತಿ ವಿಕೋಪದಿಂದ ಬೆಳೆ ಹಾನಿ ಅನುಭವಿಸಿದ ರೈತರಿಗೆ ಬೆಂಬಲ ಬೆಲೆ ಕೊಡುವುದು ಸರ್ಕಾರದ ಕರ್ತವ್ಯ. ಇಲ್ಲದಿದ್ದರೆ ಉಗ್ರ ಹೋರಾಟ ನಡೆಸಲಾಗುವುದು ಎಂದು ಎಚ್ಚರಿಸಿದರು.

ತೊಗರಿ ಬೆಳೆಗೆ ಪ್ರತಿ ಕ್ವಿಂಟಾಲ್‌ಗೆ 4,000 ರೂ. ಪ್ರೋತ್ಸಾಹ ಧನ ನೀಡಬೇಕು ಎಂದು ಒತ್ತಾಯಿಸಿದರು.

ಇದೇ ವೇಳೆ ತಾಲೂಕಿನಲ್ಲಿ ರೈತರ ಸಮಸ್ಯೆಗಳ ಕುರಿತು ಚರ್ಚಿಸಲು ಸರ್ಕಾರ ಕೂಡಲೇ ಸಭೆ ಕರೆಯಬೇಕು. ಸರ್ಕಾರವು ರೈತರ ಪರವಾಗಿ ನಿಲ್ಲಬೇಕು ಎಂದರು.
ಕೊಳ್ಳುವ ಕೇಂದ್ರಗಳನ್ನು ಕೂಡಲೇ ಆರಂಭಿಸಬೇಕು, ಬೆಳೆ ನಷ್ಟ ಪರಿಹಾರ ಬಿಡುಗಡೆ ಮಾಡಬೇಕು ಎಂದು ಒತ್ತಾಯಿಸಿದರು.

ಈ ಸಂದರ್ಭದಲ್ಲಿ ರೈತ ಮುಖಂಡರಾದ ಶರಣಪ್ಪ, ಸಿದ್ದಣ್ಣ, ಭೀಮಣ್ಣ, ಮಲ್ಲಿಕಾರ್ಜುನ, ಹಣಮಂತ, ಬಸವರಾಜ, ಸೋಮಣ್ಣ, ಮಹದೇವಪ್ಪ, ಅಯ್ಯಣ್ಣ ಸೇರಿದಂತೆ ಹಲವಾರು ರೈತರು ಭಾಗವಹಿಸಿದ್ದರು.
ಬೆಂಗಳೂರಿನ ಡ್ರಗ್ಸ್ ಸೀಜ್ ವಿಚಾರ | ಸರ್ಕಾರ ಎಚ್ಚೆತ್ತುಕೊಳ್ಳದಿದ್ದರೆ ಹೋರಾಟ: ನಿಖಿಲ್ ಕುಮಾರಸ್ವಾಮಿ
ಬದಲಾವಣೆ ಸುದ್ದಿ
ಮಹಾರಾಷ್ಟ್ರ ಪೊಲೀಸರು ಬೆಂಗಳೂರಿನಲ್ಲಿ ಕೋಟ್ಯಂತರ ರೂಪಾಯಿ ಮೌಲ್ಯದ ಡ್ರಗ್ಸ್ ಜಪ್ತಿ ಮಾಡಿಕೊಂಡಿರುವ ಘಟನೆ ರಾಜ್ಯ ಸರ್ಕಾರದ ಕಾರ್ಯವೈಖರಿಯ ಮೇಲೆ ಪ್ರಶ್ನೆಗಳನ್ನು ಎತ್ತಿದೆ. ಈ ಹಿನ್ನೆಲೆಯಲ್ಲಿ ಜೆಡಿಎಸ್ ಯುವ ಘಟಕದ ಅಧ್ಯಕ್ಷ ನಿಖಿಲ್ ಕುಮಾರಸ್ವಾಮಿ ಕಾಂಗ್ರೆಸ್ ಸರ್ಕಾರದ ವಿರುದ್ಧ ತೀವ್ರ ವಾಗ್ದಾಳಿ ನಡೆಸಿದ್ದಾರೆ.

ಸಾಮಾಜಿಕ ಜಾಲತಾಣ ಎಕ್ಸ್‌ನಲ್ಲಿ ಪೋಸ್ಟ್ ಮಾಡಿರುವ ನಿಖಿಲ್ ಕುಮಾರಸ್ವಾಮಿ, ರಾಜ್ಯದಲ್ಲಿ ನಡೆಯುತ್ತಿರುವ ಡ್ರಗ್ಸ್ ದಂಧೆಗೆ ಸರ್ಕಾರ ಗಂಭೀರತೆ ತೋರಿಸುತ್ತಿಲ್ಲ ಎಂದು ಆರೋಪಿಸಿದ್ದಾರೆ. ಕೇವಲ ಜುಲೈನಲ್ಲೇ ಮೈಸೂರಿನಲ್ಲಿ ಡ್ರಗ್ಸ್ ತಯಾರಿಕಾ ಘಟಕ ಪತ್ತೆಯಾಗಿದ್ದು ಸುಮಾರು 390 ಕೋಟಿ
ರೂಪಾಯಿ ಮೌಲ್ಯದ 192 ಕೆಜಿ ಮೆಫೆಡ್ರೋನ್ ವಶಪಡಿಸಿಕೊಂಡಿದ್ದು ಮಹಾರಾಷ್ಟ್ರ ಪೊಲೀಸರು ಎಂಬುದನ್ನು ಅವರು ನೆನಪಿಸಿದ್ದಾರೆ. ಇದೀಗ ಮತ್ತೆ ಬೆಂಗಳೂರಿನ ಮೂರು ಡ್ರಗ್ಸ್ ಫ್ಯಾಕ್ಟರಿಗಳ ಮೇಲೆ ದಾಳಿ ನಡೆಸಿ ಸುಮಾರು 56 ಕೋಟಿ ರೂಪಾಯಿ ಮೌಲ್ಯದ ಡ್ರಗ್ಸ್ ಸೀಜ್ ಮಾಡಲಾಗಿದೆ ಎಂದು ಹೇಳಿದ್ದಾರೆ.

ರಾಜ್ಯದಲ್ಲಿ ಇಷ್ಟೊಂದು
ದೊಡ್ಡ ಪ್ರಮಾಣದಲ್ಲಿ ಡ್ರಗ್ಸ್ ದಂಧೆ ನಡೆಯುತ್ತಿದ್ದರೂ ಕರ್ನಾಟಕ ಪೊಲೀಸ್ ಇಲಾಖೆ ಪರಿಣಾಮಕಾರಿ ಕ್ರಮ ಕೈಗೊಳ್ಳುತ್ತಿಲ್ಲ. ಸರ್ಕಾರ ಎಚ್ಚೆತ್ತುಕೊಳ್ಳದಿದ್ದರೆ ರಾಜ್ಯವ್ಯಾಪಿ ಹೋರಾಟ ನಡೆಸಲಾಗುವುದು. ದಂಧೆಕೋರರನ್ನು ಪತ್ತೆಹಚ್ಚಲು ಬೇರೆ ರಾಜ್ಯದ ಪೊಲೀಸರು ಬರಬೇಕೇ ಎಂಬ ಪ್ರಶ್ನೆಯನ್ನು ಅವರು ಎತ್ತಿದ್ದಾರೆ.
